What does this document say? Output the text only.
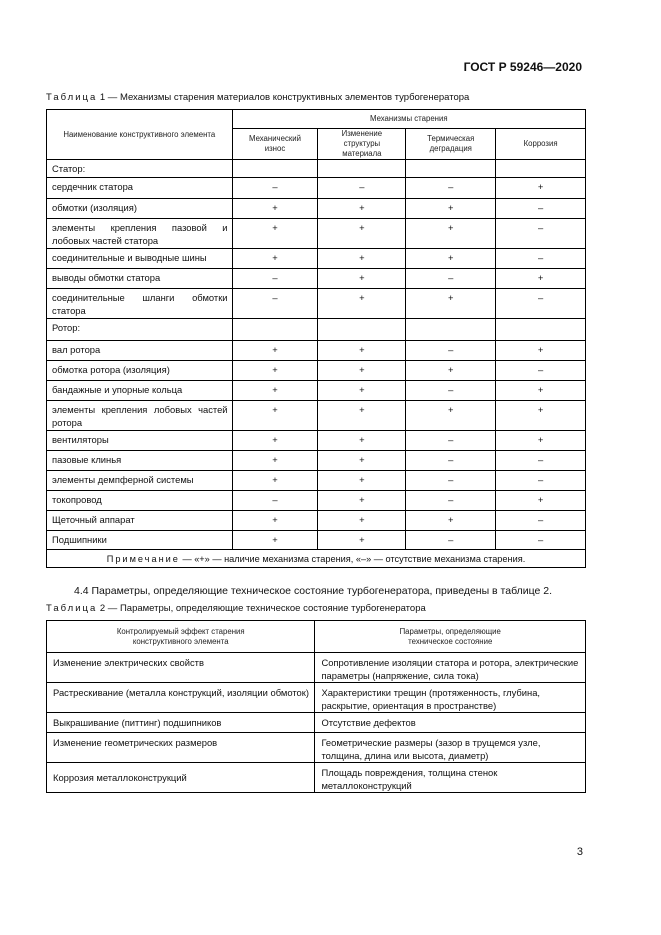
ГОСТ Р 59246—2020
Таблица 1 — Механизмы старения материалов конструктивных элементов турбогенератора
Наименование конструктивного элемента	Механизмы старения			
	Механический износ	Изменение структуры материала	Термическая деградация	Коррозия
Статор:				
сердечник статора	–	–	–	+
обмотки (изоляция)	+	+	+	–
элементы крепления пазовой и лобовых частей статора	+	+	+	–
соединительные и выводные шины	+	+	+	–
выводы обмотки статора	–	+	–	+
соединительные шланги обмотки статора	–	+	+	–
Ротор:				
вал ротора	+	+	–	+
обмотка ротора (изоляция)	+	+	+	–
бандажные и упорные кольца	+	+	–	+
элементы крепления лобовых частей ротора	+	+	+	+
вентиляторы	+	+	–	+
пазовые клинья	+	+	–	–
элементы демпферной системы	+	+	–	–
токопровод	–	+	–	+
Щеточный аппарат	+	+	+	–
Подшипники	+	+	–	–
Примечание — «+» — наличие механизма старения, «–» — отсутствие механизма старения.				
4.4 Параметры, определяющие техническое состояние турбогенератора, приведены в таблице 2.
Таблица 2 — Параметры, определяющие техническое состояние турбогенератора
Контролируемый эффект старения конструктивного элемента	Параметры, определяющие техническое состояние
Изменение электрических свойств	Сопротивление изоляции статора и ротора, электрические параметры (напряжение, сила тока)
Растрескивание (металла конструкций, изоляции обмоток)	Характеристики трещин (протяженность, глубина, раскрытие, ориентация в пространстве)
Выкрашивание (питтинг) подшипников	Отсутствие дефектов
Изменение геометрических размеров	Геометрические размеры (зазор в трущемся узле, толщина, длина или высота, диаметр)
Коррозия металлоконструкций	Площадь повреждения, толщина стенок металлоконструкций
3
